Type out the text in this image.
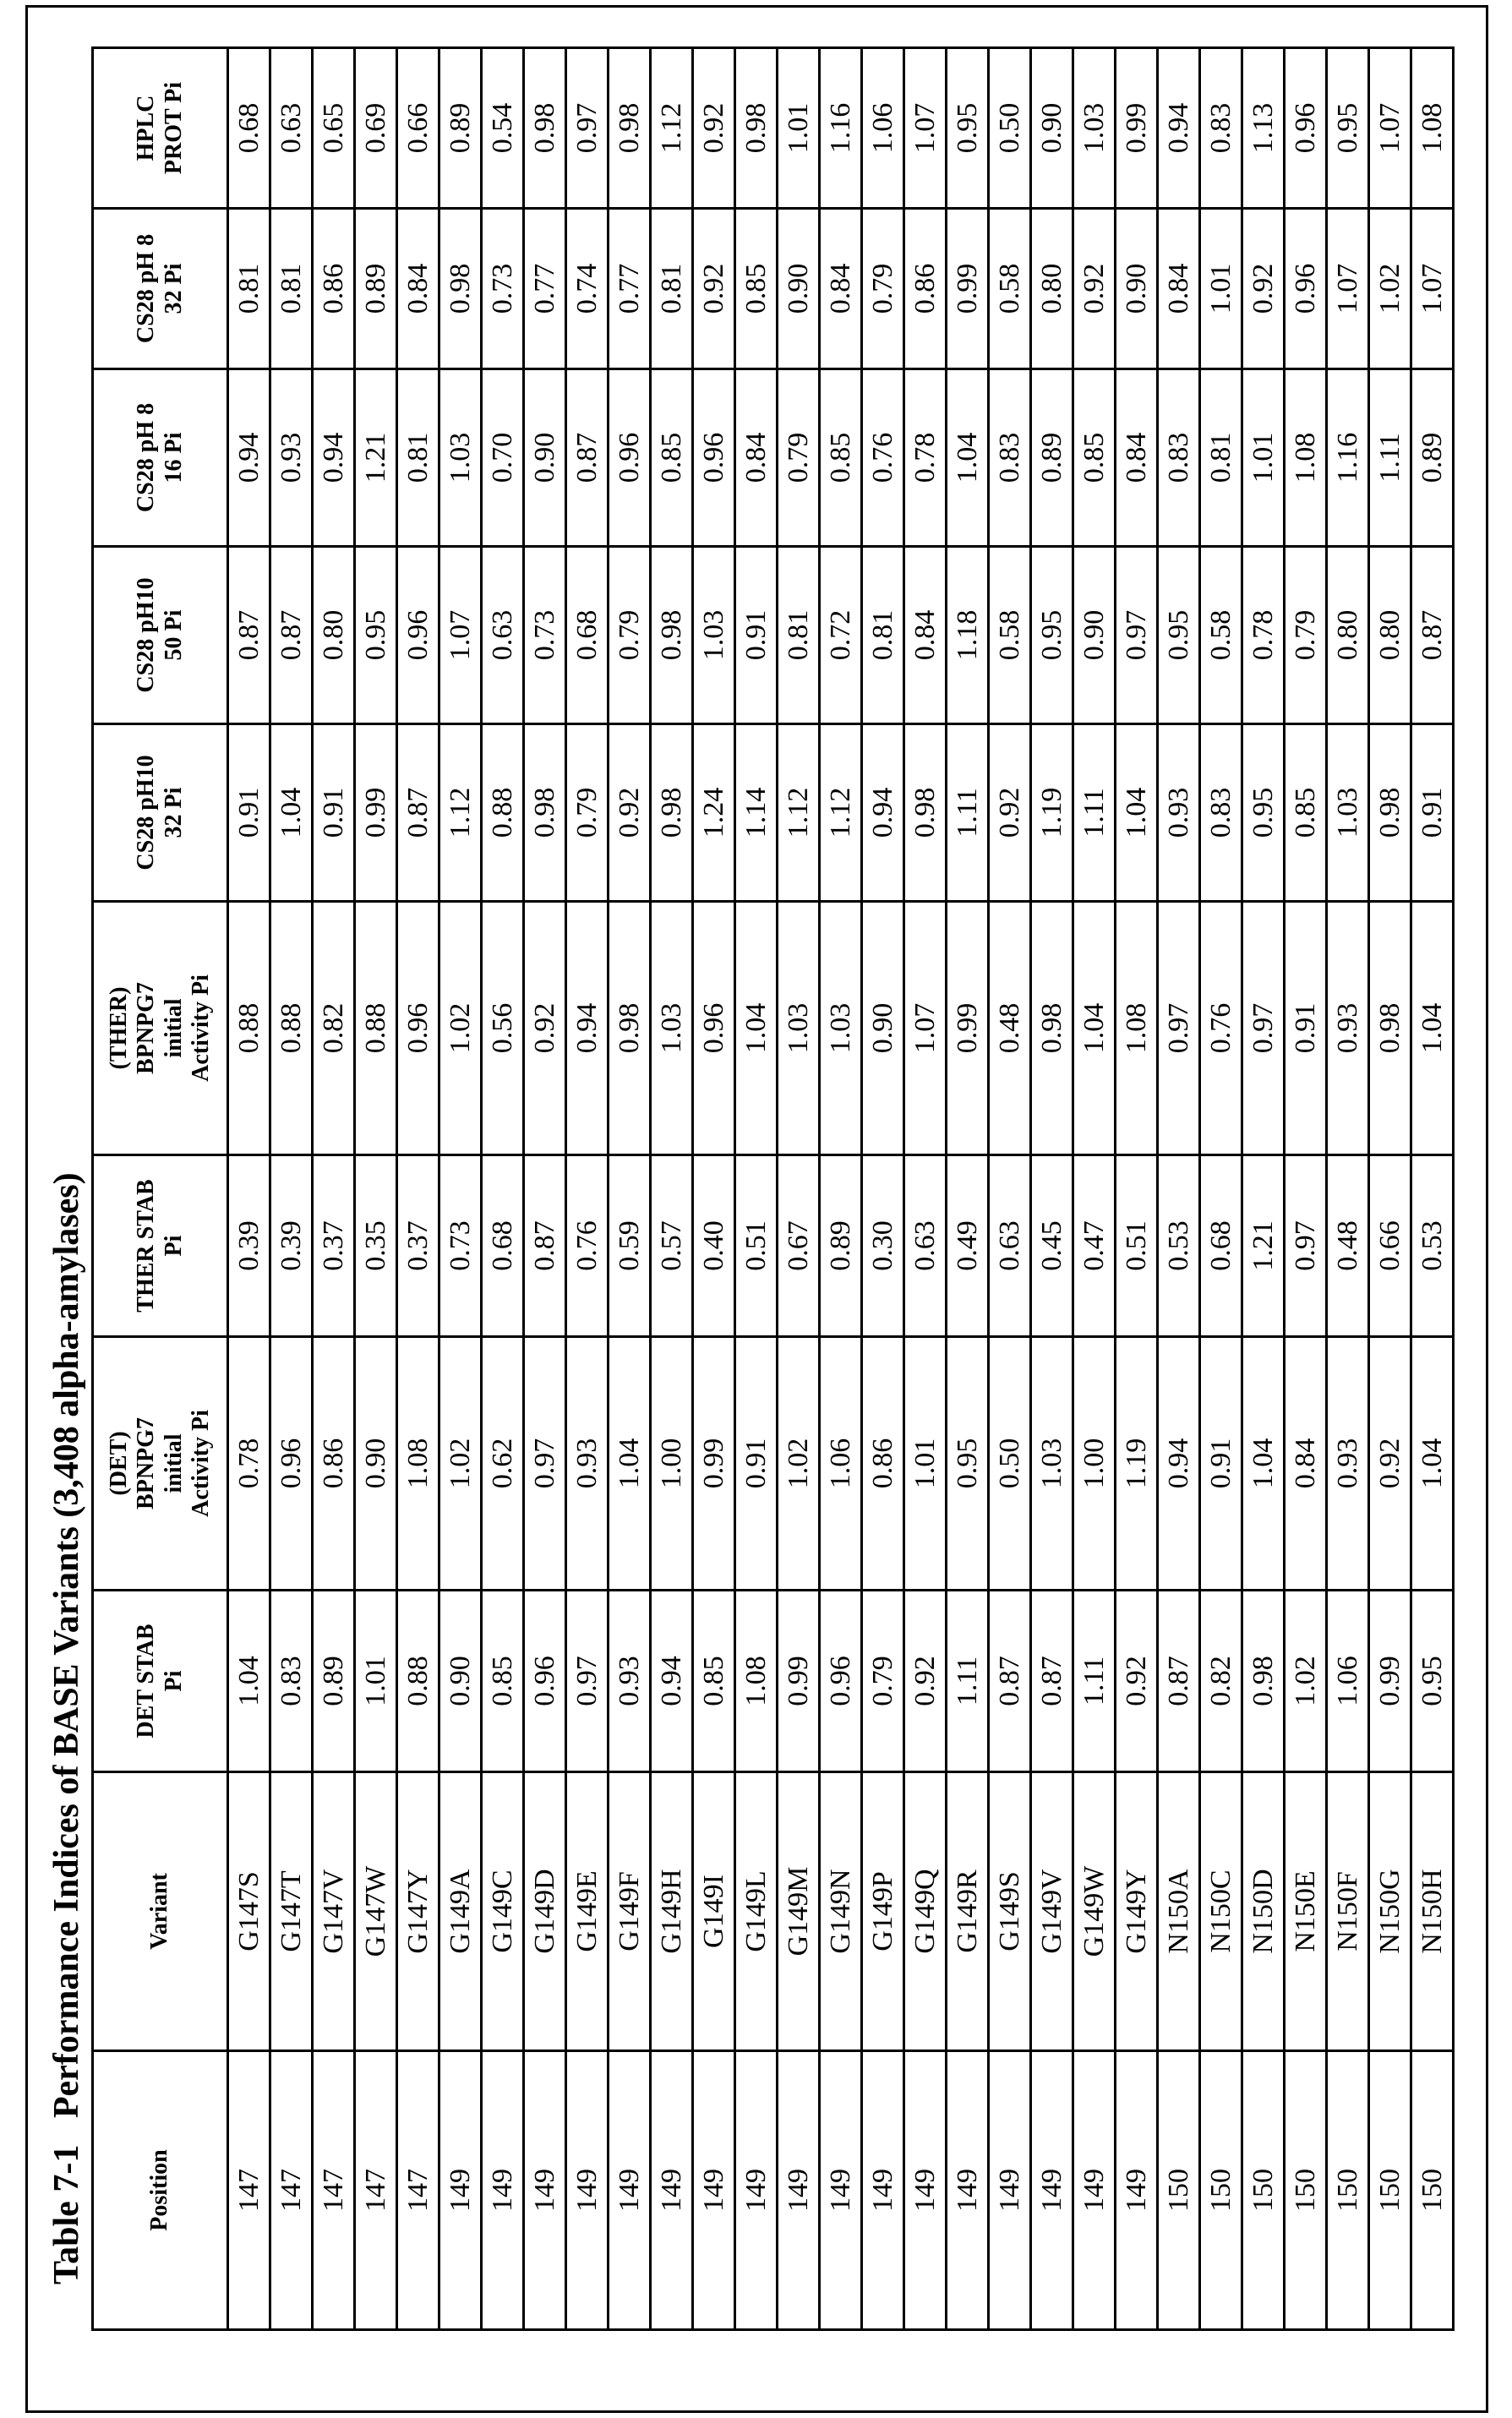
Table 7-1   Performance Indices of BASE Variants (3,408 alpha-amylases)	Position	Variant	DET STAB
Pi	(DET)
BPNPG7
initial
Activity Pi	THER STAB
Pi	(THER)
BPNPG7
initial
Activity Pi	CS28 pH10
32 Pi	CS28 pH10
50 Pi	CS28 pH 8
16 Pi	CS28 pH 8
32 Pi	HPLC
PROT Pi
147	G147S	1.04	0.78	0.39	0.88	0.91	0.87	0.94	0.81	0.68
147	G147T	0.83	0.96	0.39	0.88	1.04	0.87	0.93	0.81	0.63
147	G147V	0.89	0.86	0.37	0.82	0.91	0.80	0.94	0.86	0.65
147	G147W	1.01	0.90	0.35	0.88	0.99	0.95	1.21	0.89	0.69
147	G147Y	0.88	1.08	0.37	0.96	0.87	0.96	0.81	0.84	0.66
149	G149A	0.90	1.02	0.73	1.02	1.12	1.07	1.03	0.98	0.89
149	G149C	0.85	0.62	0.68	0.56	0.88	0.63	0.70	0.73	0.54
149	G149D	0.96	0.97	0.87	0.92	0.98	0.73	0.90	0.77	0.98
149	G149E	0.97	0.93	0.76	0.94	0.79	0.68	0.87	0.74	0.97
149	G149F	0.93	1.04	0.59	0.98	0.92	0.79	0.96	0.77	0.98
149	G149H	0.94	1.00	0.57	1.03	0.98	0.98	0.85	0.81	1.12
149	G149I	0.85	0.99	0.40	0.96	1.24	1.03	0.96	0.92	0.92
149	G149L	1.08	0.91	0.51	1.04	1.14	0.91	0.84	0.85	0.98
149	G149M	0.99	1.02	0.67	1.03	1.12	0.81	0.79	0.90	1.01
149	G149N	0.96	1.06	0.89	1.03	1.12	0.72	0.85	0.84	1.16
149	G149P	0.79	0.86	0.30	0.90	0.94	0.81	0.76	0.79	1.06
149	G149Q	0.92	1.01	0.63	1.07	0.98	0.84	0.78	0.86	1.07
149	G149R	1.11	0.95	0.49	0.99	1.11	1.18	1.04	0.99	0.95
149	G149S	0.87	0.50	0.63	0.48	0.92	0.58	0.83	0.58	0.50
149	G149V	0.87	1.03	0.45	0.98	1.19	0.95	0.89	0.80	0.90
149	G149W	1.11	1.00	0.47	1.04	1.11	0.90	0.85	0.92	1.03
149	G149Y	0.92	1.19	0.51	1.08	1.04	0.97	0.84	0.90	0.99
150	N150A	0.87	0.94	0.53	0.97	0.93	0.95	0.83	0.84	0.94
150	N150C	0.82	0.91	0.68	0.76	0.83	0.58	0.81	1.01	0.83
150	N150D	0.98	1.04	1.21	0.97	0.95	0.78	1.01	0.92	1.13
150	N150E	1.02	0.84	0.97	0.91	0.85	0.79	1.08	0.96	0.96
150	N150F	1.06	0.93	0.48	0.93	1.03	0.80	1.16	1.07	0.95
150	N150G	0.99	0.92	0.66	0.98	0.98	0.80	1.11	1.02	1.07
150	N150H	0.95	1.04	0.53	1.04	0.91	0.87	0.89	1.07	1.08
